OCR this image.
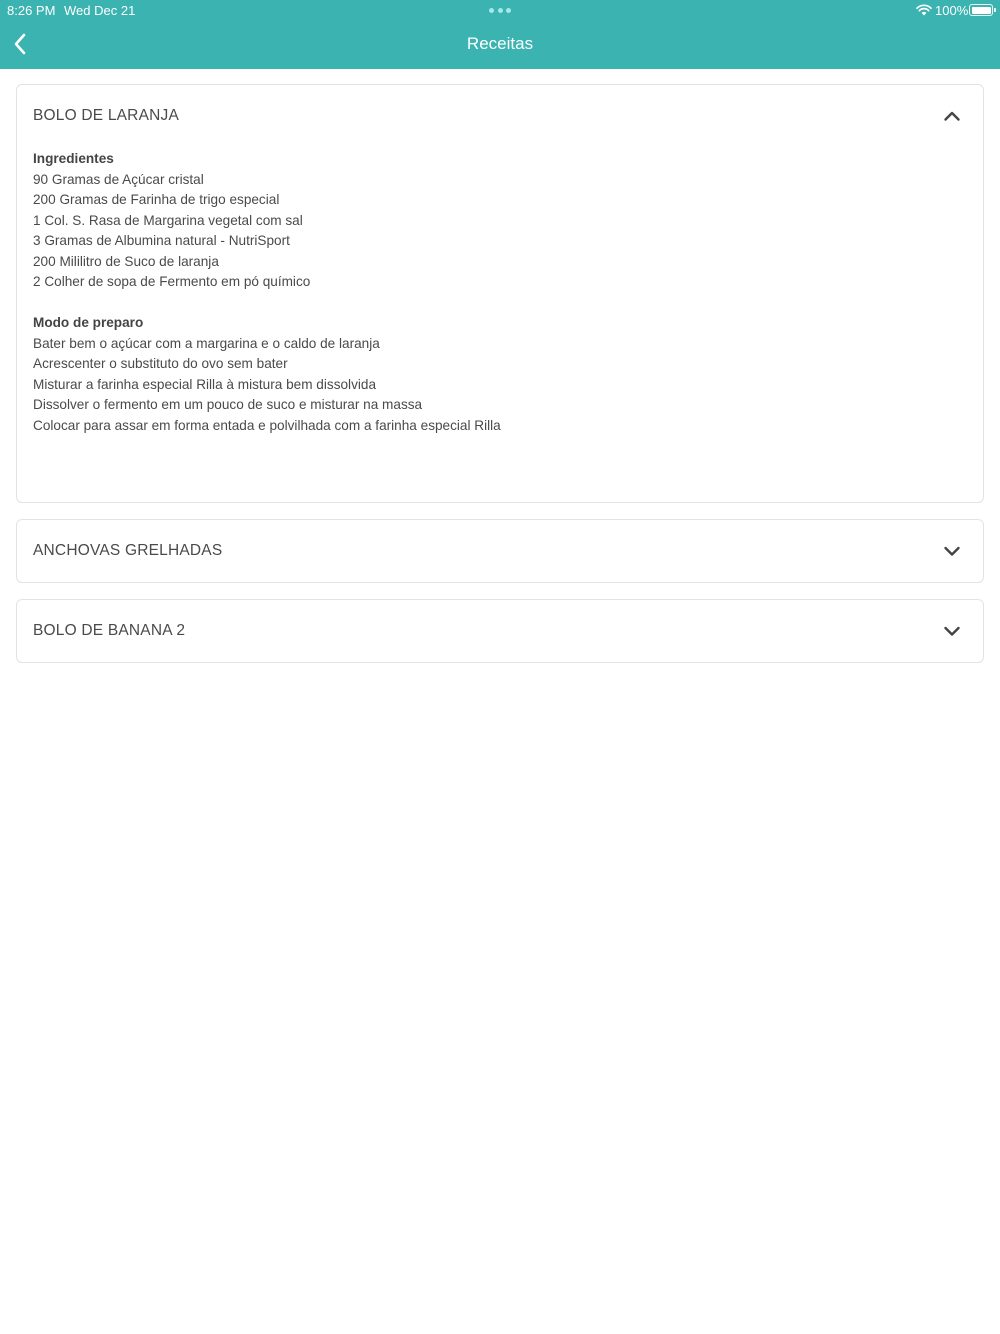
8:26 PM Wed Dec 21	100%
Receitas
BOLO DE LARANJA
Ingredientes
90 Gramas de Açúcar cristal
200 Gramas de Farinha de trigo especial
1 Col. S. Rasa de Margarina vegetal com sal
3 Gramas de Albumina natural - NutriSport
200 Mililitro de Suco de laranja
2 Colher de sopa de Fermento em pó químico
Modo de preparo
Bater bem o açúcar com a margarina e o caldo de laranja
Acrescenter o substituto do ovo sem bater
Misturar a farinha especial Rilla à mistura bem dissolvida
Dissolver o fermento em um pouco de suco e misturar na massa
Colocar para assar em forma entada e polvilhada com a farinha especial Rilla
ANCHOVAS GRELHADAS
BOLO DE BANANA 2
